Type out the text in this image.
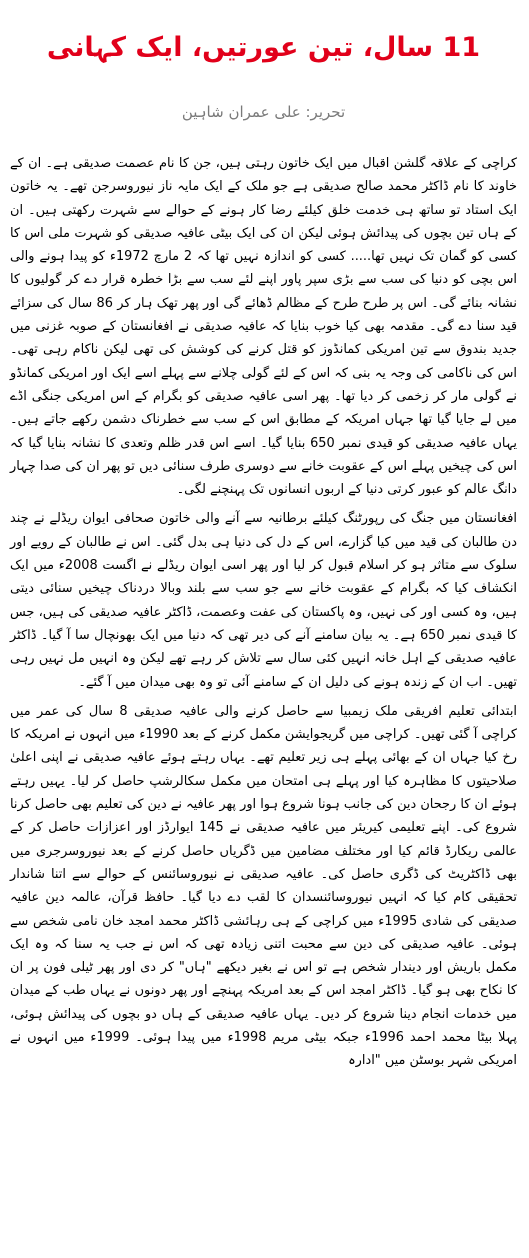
11 سال، تین عورتیں، ایک کہانی
تحریر: علی عمران شاہین

کراچی کے علاقہ گلشن اقبال میں ایک خاتون رہتی ہیں، جن کا نام عصمت صدیقی ہے۔ ان کے خاوند کا نام ڈاکٹر محمد صالح صدیقی ہے جو ملک کے ایک مایہ ناز نیوروسرجن تھے۔ یہ خاتون ایک استاد تو ساتھ ہی خدمت خلق کیلئے رضا کار ہونے کے حوالے سے شہرت رکھتی ہیں۔ ان کے ہاں تین بچوں کی پیدائش ہوئی لیکن ان کی ایک بیٹی عافیہ صدیقی کو شہرت ملی اس کا کسی کو گمان تک نہیں تھا..... کسی کو اندازہ نہیں تھا کہ 2 مارچ 1972ء کو پیدا ہونے والی اس بچی کو دنیا کی سب سے بڑی سپر پاور اپنے لئے سب سے بڑا خطرہ قرار دے کر گولیوں کا نشانہ بنائے گی۔ اس پر طرح طرح کے مظالم ڈھائے گی اور پھر تھک ہار کر 86 سال کی سزائے قید سنا دے گی۔ مقدمہ بھی کیا خوب بنایا کہ عافیہ صدیقی نے افغانستان کے صوبہ غزنی میں جدید بندوق سے تین امریکی کمانڈوز کو قتل کرنے کی کوشش کی تھی لیکن ناکام رہی تھی۔ اس کی ناکامی کی وجہ یہ بنی کہ اس کے لئے گولی چلانے سے پہلے اسے ایک اور امریکی کمانڈو نے گولی مار کر زخمی کر دیا تھا۔ پھر اسی عافیہ صدیقی کو بگرام کے اس امریکی جنگی اڈے میں لے جایا گیا تھا جہاں امریکہ کے مطابق اس کے سب سے خطرناک دشمن رکھے جاتے ہیں۔ یہاں عافیہ صدیقی کو قیدی نمبر 650 بنایا گیا۔ اسے اس قدر ظلم وتعدی کا نشانہ بنایا گیا کہ اس کی چیخیں پہلے اس کے عقوبت خانے سے دوسری طرف سنائی دیں تو پھر ان کی صدا چہار دانگ عالم کو عبور کرتی دنیا کے اربوں انسانوں تک پہنچنے لگی۔

افغانستان میں جنگ کی رپورٹنگ کیلئے برطانیہ سے آنے والی خاتون صحافی ایوان ریڈلے نے چند دن طالبان کی قید میں کیا گزارے، اس کے دل کی دنیا ہی بدل گئی۔ اس نے طالبان کے رویے اور سلوک سے متاثر ہو کر اسلام قبول کر لیا اور پھر اسی ایوان ریڈلے نے اگست 2008ء میں ایک انکشاف کیا کہ بگرام کے عقوبت خانے سے جو سب سے بلند وبالا دردناک چیخیں سنائی دیتی ہیں، وہ کسی اور کی نہیں، وہ پاکستان کی عفت وعصمت، ڈاکٹر عافیہ صدیقی کی ہیں، جس کا قیدی نمبر 650 ہے۔ یہ بیان سامنے آنے کی دیر تھی کہ دنیا میں ایک بھونچال سا آ گیا۔ ڈاکٹر عافیہ صدیقی کے اہل خانہ انہیں کئی سال سے تلاش کر رہے تھے لیکن وہ انہیں مل نہیں رہی تھیں۔ اب ان کے زندہ ہونے کی دلیل ان کے سامنے آئی تو وہ بھی میدان میں آ گئے۔

ابتدائی تعلیم افریقی ملک زیمبیا سے حاصل کرنے والی عافیہ صدیقی 8 سال کی عمر میں کراچی آ گئی تھیں۔ کراچی میں گریجوایشن مکمل کرنے کے بعد 1990ء میں انہوں نے امریکہ کا رخ کیا جہاں ان کے بھائی پہلے ہی زیر تعلیم تھے۔ یہاں رہتے ہوئے عافیہ صدیقی نے اپنی اعلیٰ صلاحیتوں کا مظاہرہ کیا اور پہلے ہی امتحان میں مکمل سکالرشپ حاصل کر لیا۔ یہیں رہتے ہوئے ان کا رجحان دین کی جانب ہونا شروع ہوا اور پھر عافیہ نے دین کی تعلیم بھی حاصل کرنا شروع کی۔ اپنے تعلیمی کیریئر میں عافیہ صدیقی نے 145 ایوارڈز اور اعزازات حاصل کر کے عالمی ریکارڈ قائم کیا اور مختلف مضامین میں ڈگریاں حاصل کرنے کے بعد نیوروسرجری میں بھی ڈاکٹریٹ کی ڈگری حاصل کی۔ عافیہ صدیقی نے نیوروسائنس کے حوالے سے اتنا شاندار تحقیقی کام کیا کہ انہیں نیوروسائنسدان کا لقب دے دیا گیا۔ حافظ قرآن، عالمہ دین عافیہ صدیقی کی شادی 1995ء میں کراچی کے ہی رہائشی ڈاکٹر محمد امجد خان نامی شخص سے ہوئی۔ عافیہ صدیقی کی دین سے محبت اتنی زیادہ تھی کہ اس نے جب یہ سنا کہ وہ ایک مکمل باریش اور دیندار شخص ہے تو اس نے بغیر دیکھے "ہاں" کر دی اور پھر ٹیلی فون پر ان کا نکاح بھی ہو گیا۔ ڈاکٹر امجد اس کے بعد امریکہ پہنچے اور پھر دونوں نے یہاں طب کے میدان میں خدمات انجام دینا شروع کر دیں۔ یہاں عافیہ صدیقی کے ہاں دو بچوں کی پیدائش ہوئی، پہلا بیٹا محمد احمد 1996ء جبکہ بیٹی مریم 1998ء میں پیدا ہوئی۔ 1999ء میں انہوں نے امریکی شہر بوسٹن میں "ادارہ
